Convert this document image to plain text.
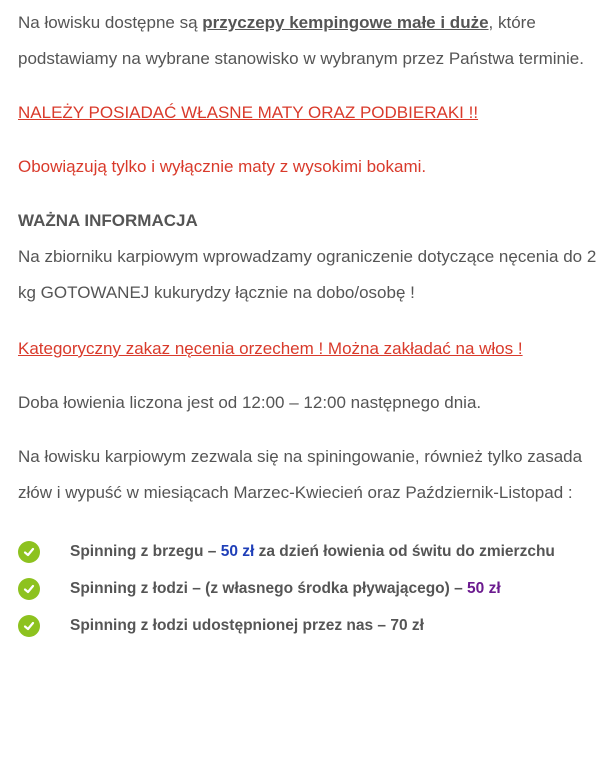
Na łowisku dostępne są przyczepy kempingowe małe i duże, które podstawiamy na wybrane stanowisko w wybranym przez Państwa terminie.

NALEŻY POSIADAĆ WŁASNE MATY ORAZ PODBIERAKI !!

Obowiązują tylko i wyłącznie maty z wysokimi bokami.

WAŻNA INFORMACJA

Na zbiorniku karpiowym wprowadzamy ograniczenie dotyczące nęcenia do 2 kg GOTOWANEJ kukurydzy łącznie na dobo/osobę !

Kategoryczny zakaz nęcenia orzechem ! Można zakładać na włos !

Doba łowienia liczona jest od 12:00 – 12:00 następnego dnia.

Na łowisku karpiowym zezwala się na spiningowanie, również tylko zasada złów i wypuść w miesiącach Marzec-Kwiecień oraz Październik-Listopad :

Spinning z brzegu – 50 zł za dzień łowienia od świtu do zmierzchu
Spinning z łodzi – (z własnego środka pływającego) – 50 zł
Spinning z łodzi udostępnionej przez nas – 70 zł
